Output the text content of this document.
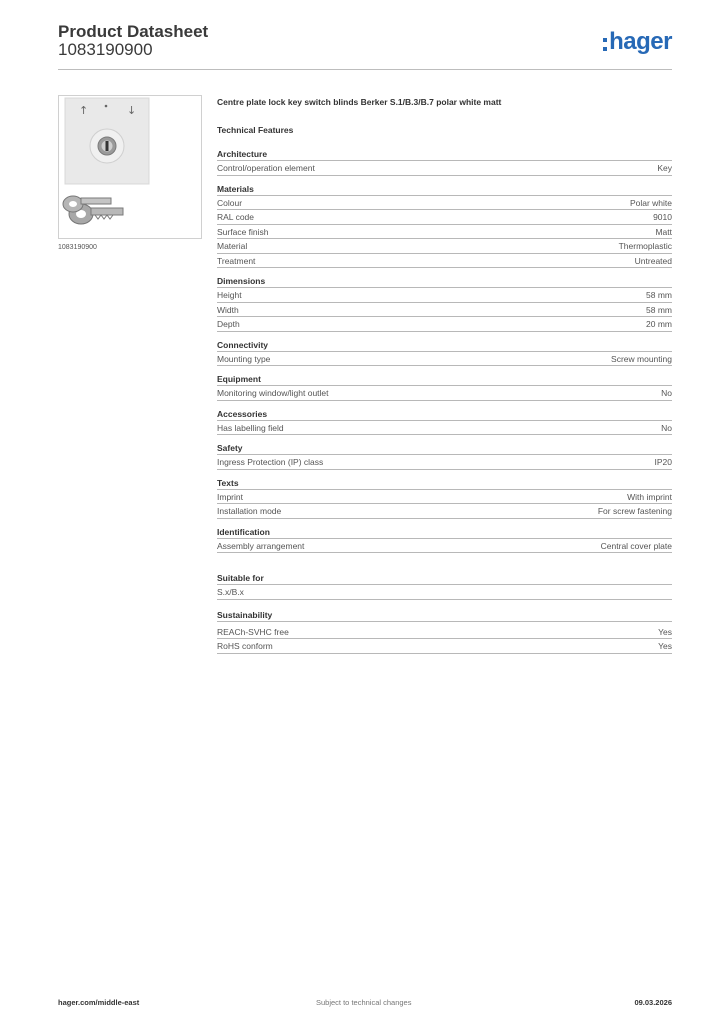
Product Datasheet
1083190900	hager
↑	↓
1083190900
Centre plate lock key switch blinds Berker S.1/B.3/B.7 polar white matt
Technical Features
Architecture
Control/operation element	Key
Materials
Colour	Polar white
RAL code	9010
Surface finish	Matt
Material	Thermoplastic
Treatment	Untreated
Dimensions
Height	58 mm
Width	58 mm
Depth	20 mm
Connectivity
Mounting type	Screw mounting
Equipment
Monitoring window/light outlet	No
Accessories
Has labelling field	No
Safety
Ingress Protection (IP) class	IP20
Texts
Imprint	With imprint
Installation mode	For screw fastening
Identification
Assembly arrangement	Central cover plate
Suitable for
S.x/B.x
Sustainability
REACh-SVHC free	Yes
RoHS conform	Yes
hager.com/middle-east	Subject to technical changes	09.03.2026
